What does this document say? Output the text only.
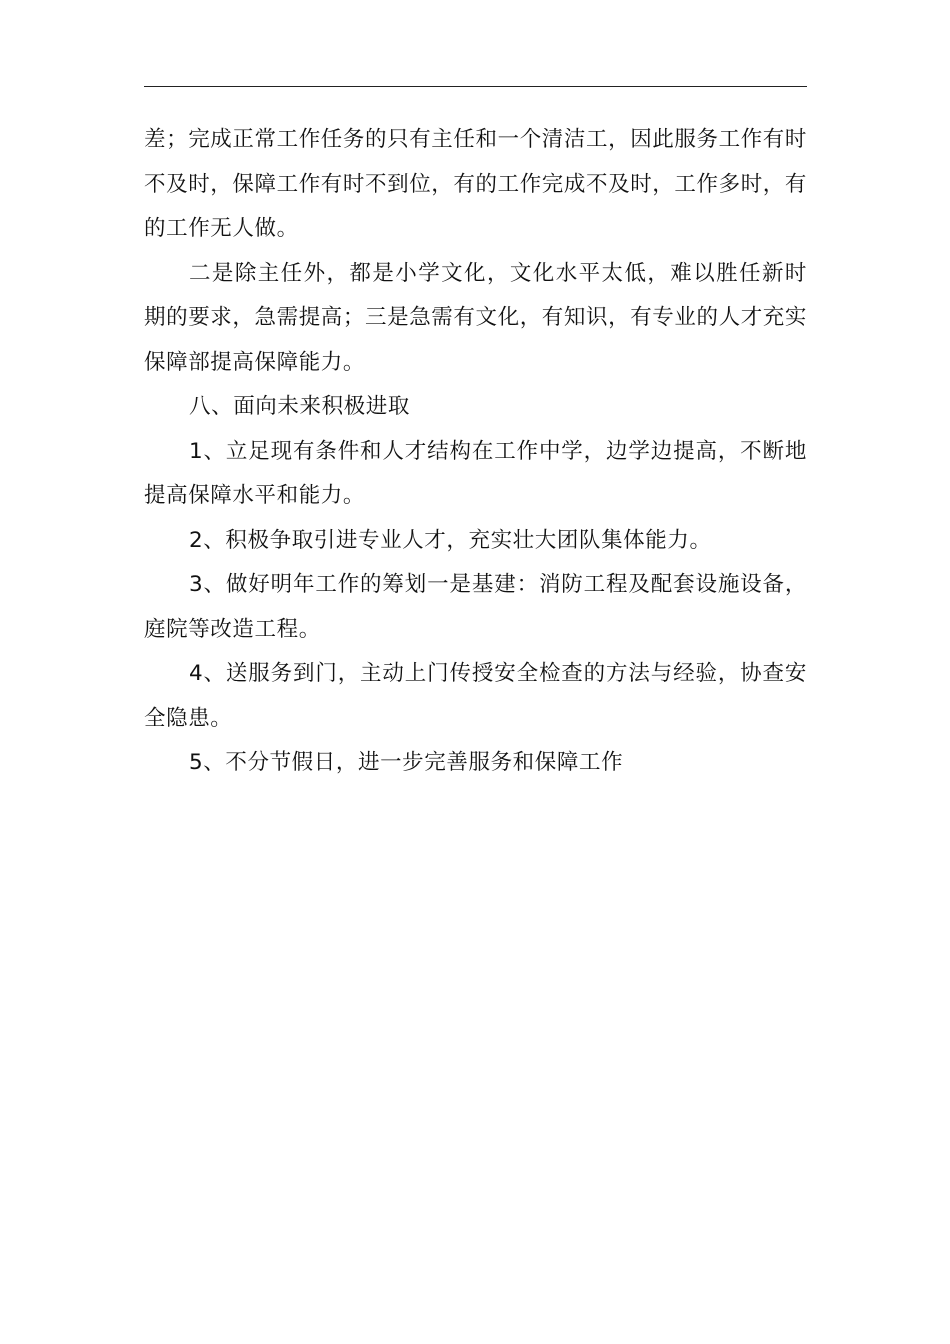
差；完成正常工作任务的只有主任和一个清洁工，因此服务工作有时不及时，保障工作有时不到位，有的工作完成不及时，工作多时，有的工作无人做。

二是除主任外，都是小学文化，文化水平太低，难以胜任新时期的要求，急需提高；三是急需有文化，有知识，有专业的人才充实保障部提高保障能力。

八、面向未来积极进取

1、立足现有条件和人才结构在工作中学，边学边提高，不断地提高保障水平和能力。

2、积极争取引进专业人才，充实壮大团队集体能力。

3、做好明年工作的筹划一是基建：消防工程及配套设施设备，庭院等改造工程。

4、送服务到门，主动上门传授安全检查的方法与经验，协查安全隐患。

5、不分节假日，进一步完善服务和保障工作
